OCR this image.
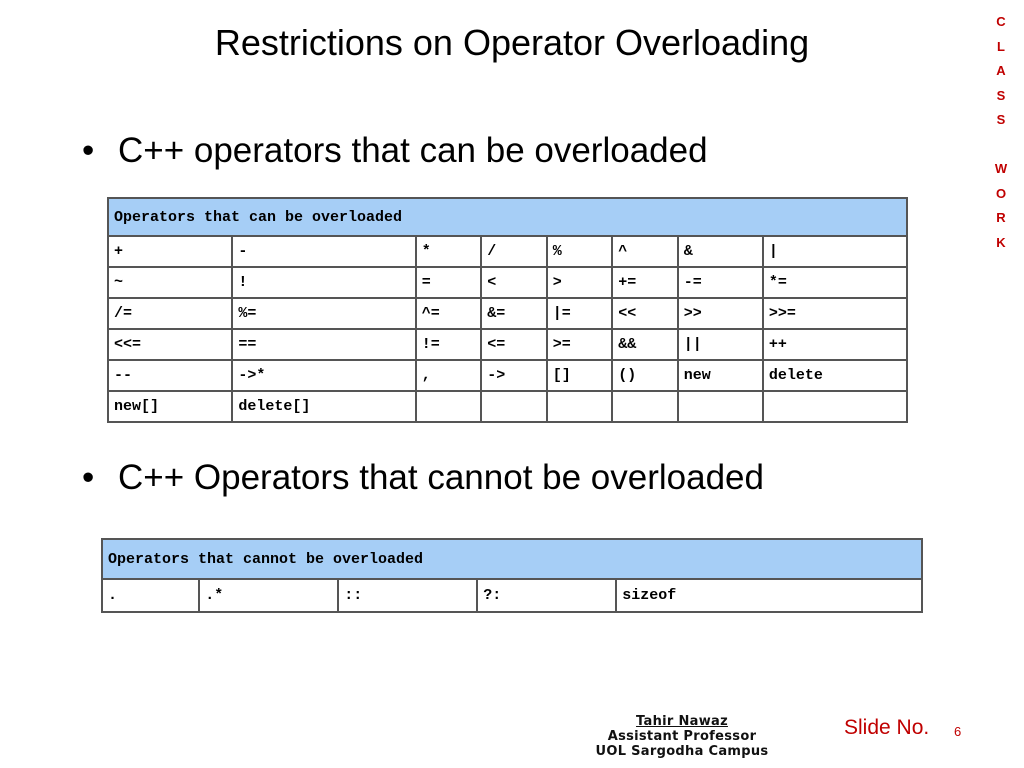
Restrictions on Operator Overloading
C
L
A
S
S
W
O
R
K
• C++ operators that can be overloaded
Operators that can be overloaded							
+	-	*	/	%	^	&	|
~	!	=	<	>	+=	-=	*=
/=	%=	^=	&=	|=	<<	>>	>>=
<<=	==	!=	<=	>=	&&	||	++
--	->*	,	->	[]	()	new	delete
new[]	delete[]						
• C++ Operators that cannot be overloaded
Operators that cannot be overloaded
.	.*	::	?:	sizeof
Tahir Nawaz
Assistant Professor
UOL Sargodha Campus
Slide No. 6
